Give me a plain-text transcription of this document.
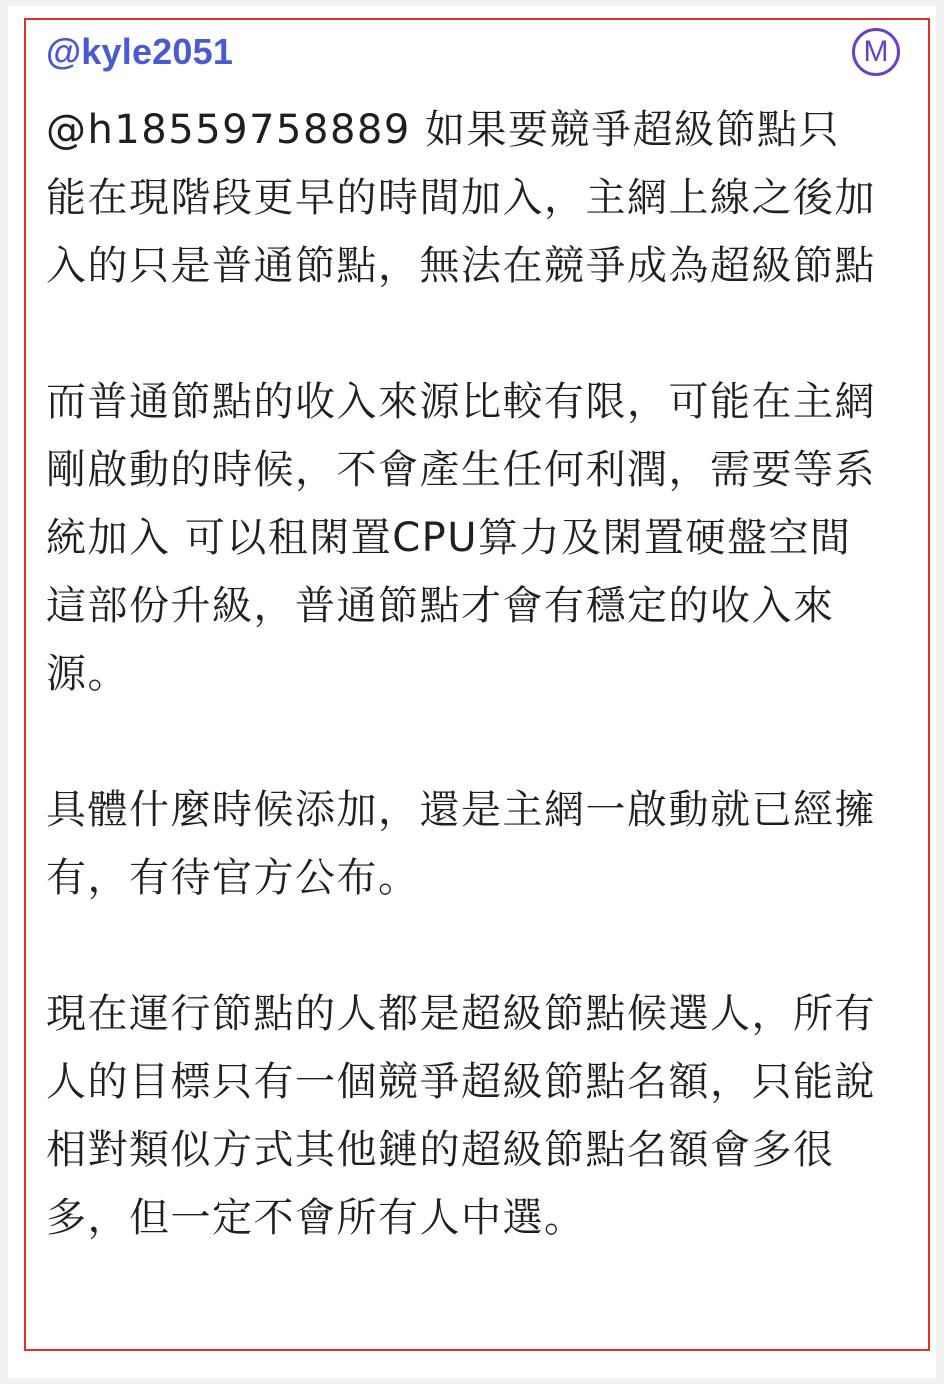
@kyle2051	M

@h18559758889 如果要競爭超級節點只能在現階段更早的時間加入，主網上線之後加入的只是普通節點，無法在競爭成為超級節點

而普通節點的收入來源比較有限，可能在主網剛啟動的時候，不會產生任何利潤，需要等系統加入 可以租閑置CPU算力及閑置硬盤空間這部份升級，普通節點才會有穩定的收入來源。

具體什麼時候添加，還是主網一啟動就已經擁有，有待官方公布。

現在運行節點的人都是超級節點候選人，所有人的目標只有一個競爭超級節點名額，只能說相對類似方式其他鏈的超級節點名額會多很多，但一定不會所有人中選。
